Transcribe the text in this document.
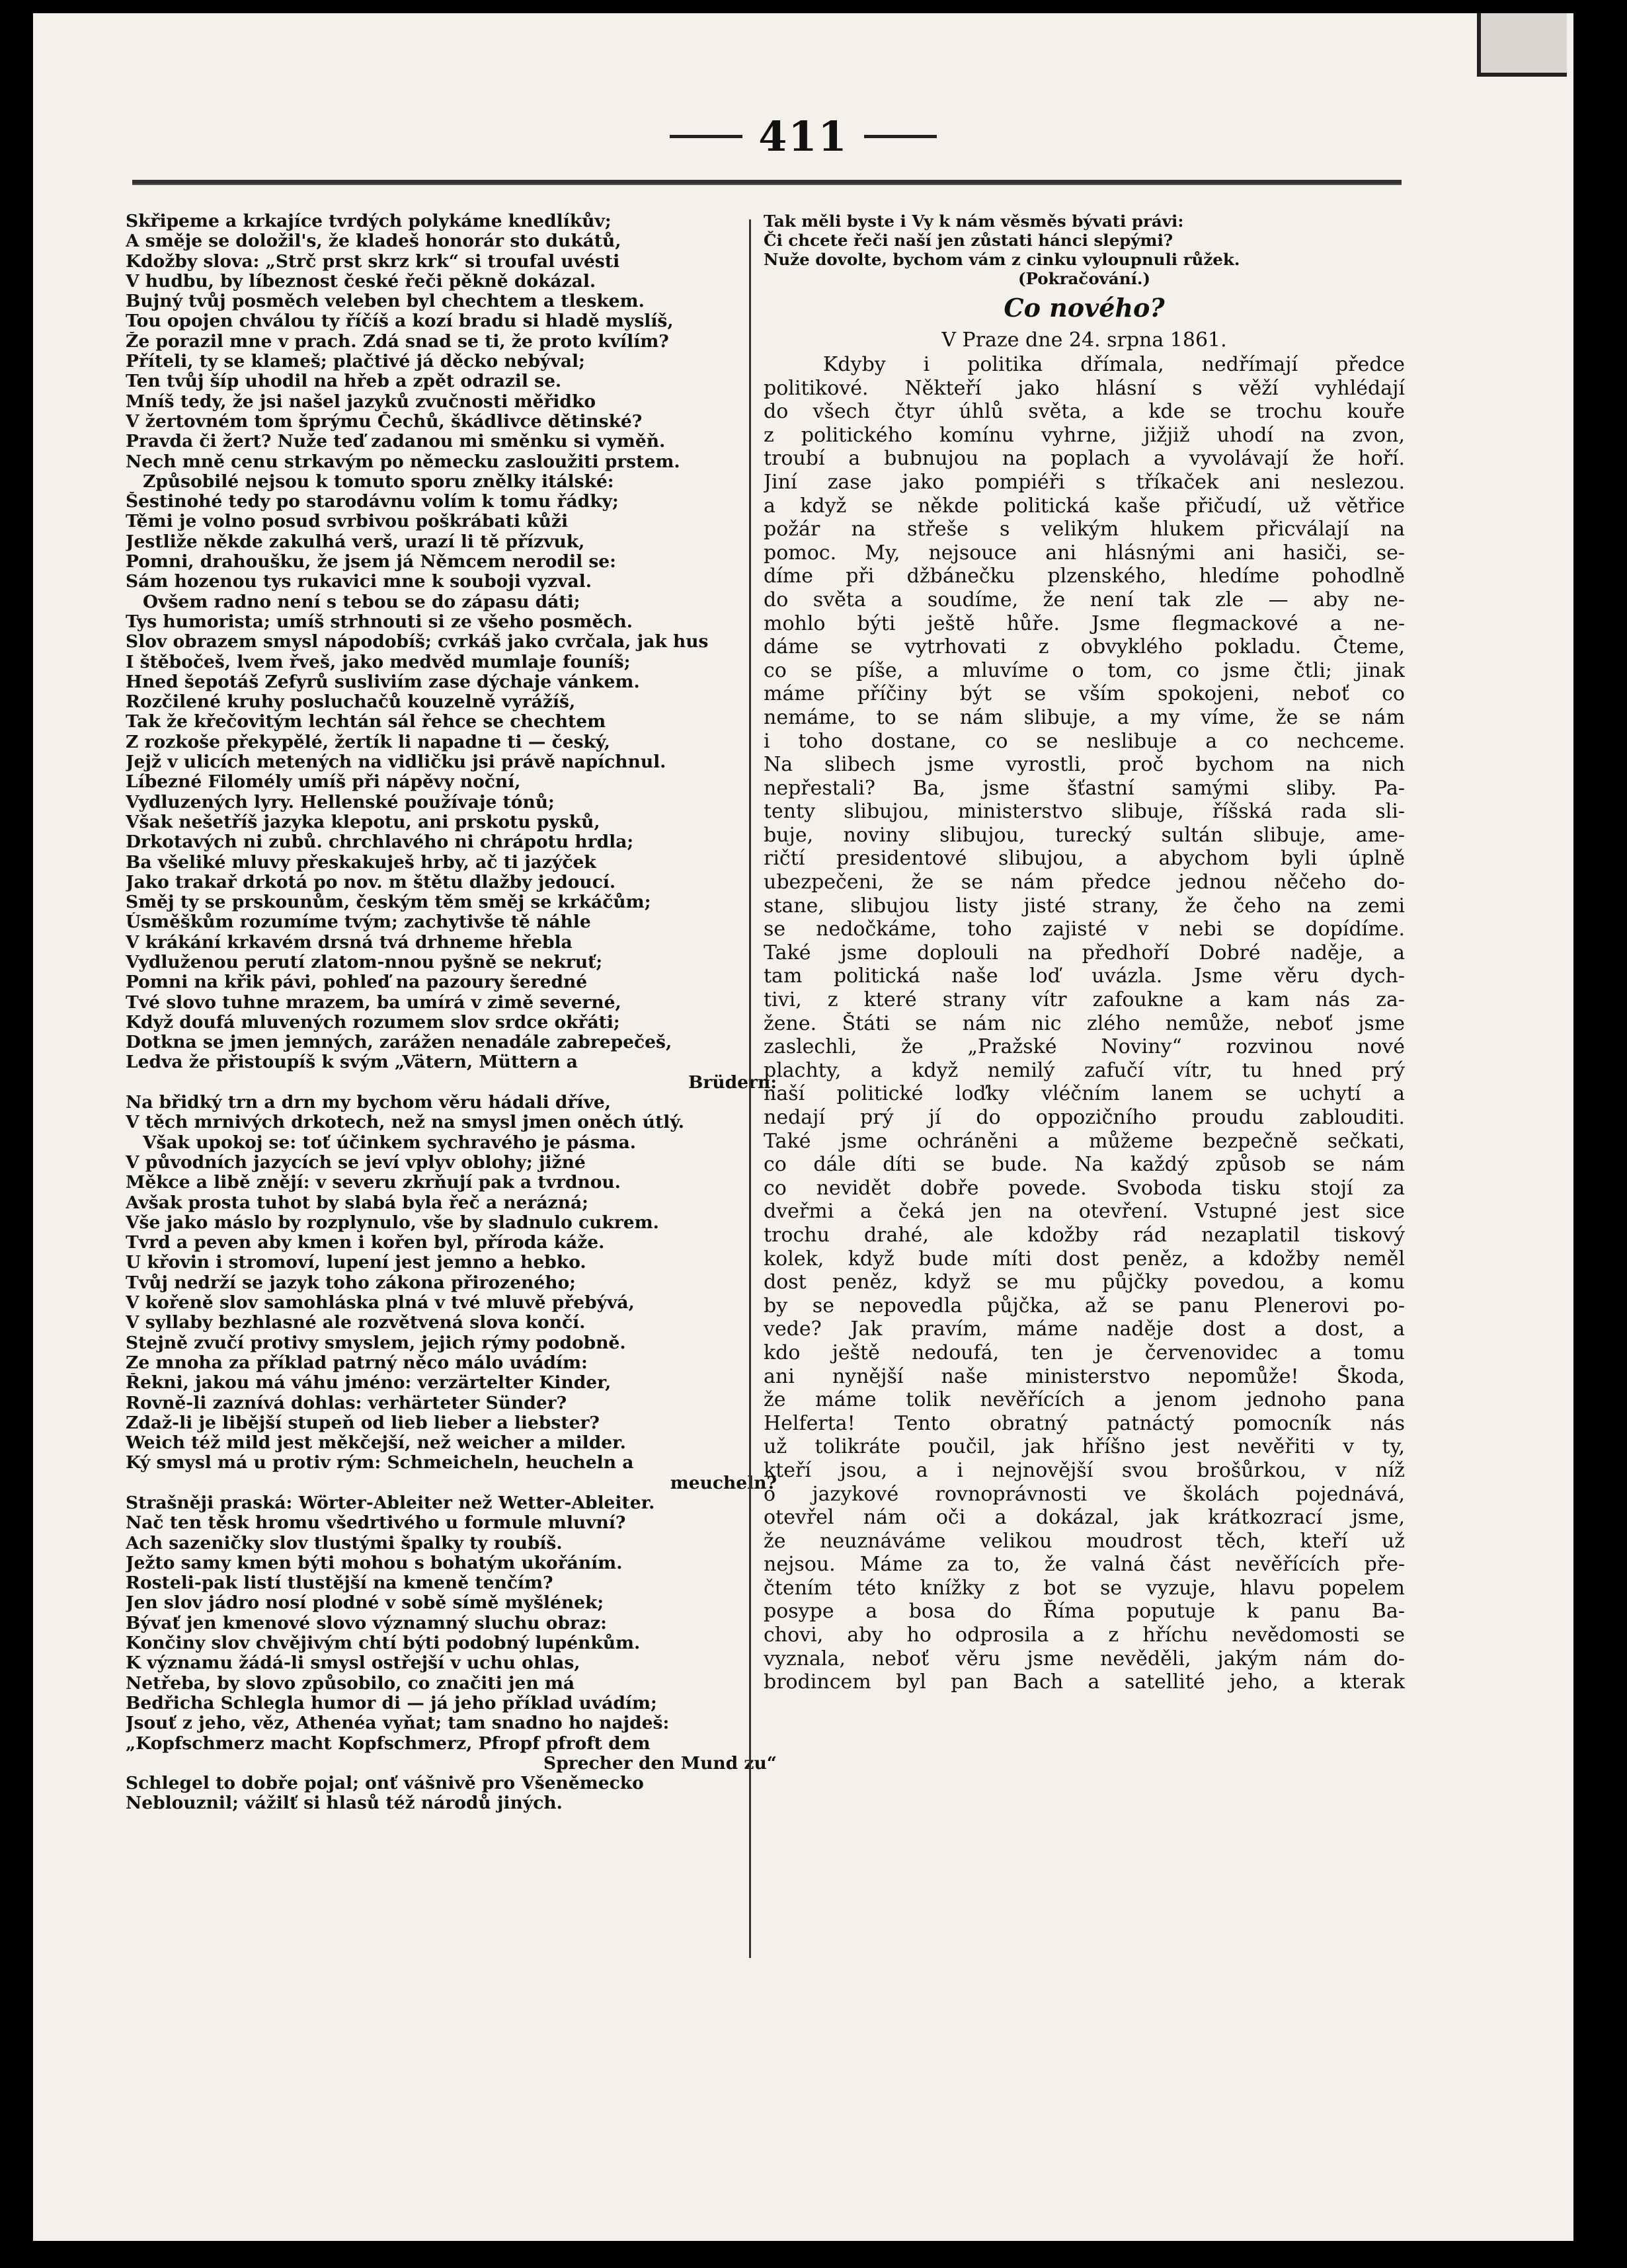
411
Skřipeme a krkajíce tvrdých polykáme knedlíkův;
A směje se doložil's, že kladeš honorár sto dukátů,
Kdožby slova: „Strč prst skrz krk“ si troufal uvésti
V hudbu, by líbeznost české řeči pěkně dokázal.
Bujný tvůj posměch veleben byl chechtem a tleskem.
Tou opojen chválou ty říčíš a kozí bradu si hladě myslíš,
Že porazil mne v prach. Zdá snad se ti, že proto kvílím?
Příteli, ty se klameš; plačtivé já děcko nebýval;
Ten tvůj šíp uhodil na hřeb a zpět odrazil se.
Mníš tedy, že jsi našel jazyků zvučnosti měřidko
V žertovném tom šprýmu Čechů, škádlivce dětinské?
Pravda či žert? Nuže teď zadanou mi směnku si vyměň.
Nech mně cenu strkavým po německu zasloužiti prstem.
Způsobilé nejsou k tomuto sporu znělky itálské:
Šestinohé tedy po starodávnu volím k tomu řádky;
Těmi je volno posud svrbivou poškrábati kůži
Jestliže někde zakulhá verš, urazí li tě přízvuk,
Pomni, drahoušku, že jsem já Němcem nerodil se:
Sám hozenou tys rukavici mne k souboji vyzval.
Ovšem radno není s tebou se do zápasu dáti;
Tys humorista; umíš strhnouti si ze všeho posměch.
Slov obrazem smysl nápodobíš; cvrkáš jako cvrčala, jak hus
I štěbočeš, lvem řveš, jako medvěd mumlaje founíš;
Hned šepotáš Zefyrů susliviím zase dýchaje vánkem.
Rozčilené kruhy posluchačů kouzelně vyrážíš,
Tak že křečovitým lechtán sál řehce se chechtem
Z rozkoše překypělé, žertík li napadne ti — český,
Jejž v ulicích metených na vidličku jsi právě napíchnul.
Líbezné Filomély umíš při nápěvy noční,
Vydluzených lyry. Hellenské používaje tónů;
Však nešetříš jazyka klepotu, ani prskotu pysků,
Drkotavých ni zubů. chrchlavého ni chrápotu hrdla;
Ba všeliké mluvy přeskakuješ hrby, ač ti jazýček
Jako trakař drkotá po nov. m štětu dlažby jedoucí.
Směj ty se prskounům, českým těm směj se krkáčům;
Úsměškům rozumíme tvým; zachytivše tě náhle
V krákání krkavém drsná tvá drhneme hřebla
Vydluženou perutí zlatom-nnou pyšně se nekruť;
Pomni na křik pávi, pohleď na pazoury šeredné
Tvé slovo tuhne mrazem, ba umírá v zimě severné,
Když doufá mluvených rozumem slov srdce okřáti;
Dotkna se jmen jemných, zarážen nenadále zabrepečeš,
Ledva že přistoupíš k svým „Vätern, Müttern a
Brüdern:
Na břidký trn a drn my bychom věru hádali dříve,
V těch mrnivých drkotech, než na smysl jmen oněch útlý.
Však upokoj se: toť účinkem sychravého je pásma.
V původních jazycích se jeví vplyv oblohy; jižné
Měkce a libě znějí: v severu zkrňují pak a tvrdnou.
Avšak prosta tuhot by slabá byla řeč a nerázná;
Vše jako máslo by rozplynulo, vše by sladnulo cukrem.
Tvrd a peven aby kmen i kořen byl, příroda káže.
U křovin i stromoví, lupení jest jemno a hebko.
Tvůj nedrží se jazyk toho zákona přirozeného;
V kořeně slov samohláska plná v tvé mluvě přebývá,
V syllaby bezhlasné ale rozvětvená slova končí.
Stejně zvučí protivy smyslem, jejich rýmy podobně.
Ze mnoha za příklad patrný něco málo uvádím:
Řekni, jakou má váhu jméno: verzärtelter Kinder,
Rovně-li zaznívá dohlas: verhärteter Sünder?
Zdaž-li je libější stupeň od lieb lieber a liebster?
Weich též mild jest měkčejší, než weicher a milder.
Ký smysl má u protiv rým: Schmeicheln, heucheln a
meucheln?
Strašněji praská: Wörter-Ableiter než Wetter-Ableiter.
Nač ten těsk hromu všedrtivého u formule mluvní?
Ach sazeničky slov tlustými špalky ty roubíš.
Ježto samy kmen býti mohou s bohatým ukořáním.
Rosteli-pak listí tlustější na kmeně tenčím?
Jen slov jádro nosí plodné v sobě símě myšlének;
Bývať jen kmenové slovo významný sluchu obraz:
Končiny slov chvějivým chtí býti podobný lupénkům.
K významu žádá-li smysl ostřejší v uchu ohlas,
Netřeba, by slovo způsobilo, co značiti jen má
Bedřicha Schlegla humor di — já jeho příklad uvádím;
Jsouť z jeho, věz, Athenéa vyňat; tam snadno ho najdeš:
„Kopfschmerz macht Kopfschmerz, Pfropf pfroft dem
Sprecher den Mund zu“
Schlegel to dobře pojal; onť vášnivě pro Všeněmecko
Neblouznil; vážilť si hlasů též národů jiných.
Tak měli byste i Vy k nám věsměs bývati právi:
Či chcete řeči naší jen zůstati hánci slepými?
Nuže dovolte, bychom vám z cinku vyloupnuli růžek.
(Pokračování.)
Co nového?
V Praze dne 24. srpna 1861.
Kdyby i politika dřímala, nedřímají předce
politikové. Někteří jako hlásní s věží vyhlédají
do všech čtyr úhlů světa, a kde se trochu kouře
z politického komínu vyhrne, jižjiž uhodí na zvon,
troubí a bubnujou na poplach a vyvolávají že hoří.
Jiní zase jako pompiéři s tříkaček ani neslezou.
a když se někde politická kaše přičudí, už větřice
požár na střeše s velikým hlukem přicválají na
pomoc. My, nejsouce ani hlásnými ani hasiči, se-
díme při džbánečku plzenského, hledíme pohodlně
do světa a soudíme, že není tak zle — aby ne-
mohlo býti ještě hůře. Jsme flegmackové a ne-
dáme se vytrhovati z obvyklého pokladu. Čteme,
co se píše, a mluvíme o tom, co jsme čtli; jinak
máme příčiny být se vším spokojeni, neboť co
nemáme, to se nám slibuje, a my víme, že se nám
i toho dostane, co se neslibuje a co nechceme.
Na slibech jsme vyrostli, proč bychom na nich
nepřestali? Ba, jsme šťastní samými sliby. Pa-
tenty slibujou, ministerstvo slibuje, říšská rada sli-
buje, noviny slibujou, turecký sultán slibuje, ame-
ričtí presidentové slibujou, a abychom byli úplně
ubezpečeni, že se nám předce jednou něčeho do-
stane, slibujou listy jisté strany, že čeho na zemi
se nedočkáme, toho zajisté v nebi se dopídíme.
Také jsme doplouli na předhoří Dobré naděje, a
tam politická naše loď uvázla. Jsme věru dych-
tivi, z které strany vítr zafoukne a kam nás za-
žene. Štáti se nám nic zlého nemůže, neboť jsme
zaslechli, že „Pražské Noviny“ rozvinou nové
plachty, a když nemilý zafučí vítr, tu hned prý
naší politické loďky vléčním lanem se uchytí a
nedají prý jí do oppozičního proudu zablouditi.
Také jsme ochráněni a můžeme bezpečně sečkati,
co dále díti se bude. Na každý způsob se nám
co nevidět dobře povede. Svoboda tisku stojí za
dveřmi a čeká jen na otevření. Vstupné jest sice
trochu drahé, ale kdožby rád nezaplatil tiskový
kolek, když bude míti dost peněz, a kdožby neměl
dost peněz, když se mu půjčky povedou, a komu
by se nepovedla půjčka, až se panu Plenerovi po-
vede? Jak pravím, máme naděje dost a dost, a
kdo ještě nedoufá, ten je červenovidec a tomu
ani nynější naše ministerstvo nepomůže! Škoda,
že máme tolik nevěřících a jenom jednoho pana
Helferta! Tento obratný patnáctý pomocník nás
už tolikráte poučil, jak hříšno jest nevěřiti v ty,
kteří jsou, a i nejnovější svou brošůrkou, v níž
o jazykové rovnoprávnosti ve školách pojednává,
otevřel nám oči a dokázal, jak krátkozrací jsme,
že neuznáváme velikou moudrost těch, kteří už
nejsou. Máme za to, že valná část nevěřících pře-
čtením této knížky z bot se vyzuje, hlavu popelem
posype a bosa do Říma poputuje k panu Ba-
chovi, aby ho odprosila a z hříchu nevědomosti se
vyznala, neboť věru jsme nevěděli, jakým nám do-
brodincem byl pan Bach a satellité jeho, a kterak
